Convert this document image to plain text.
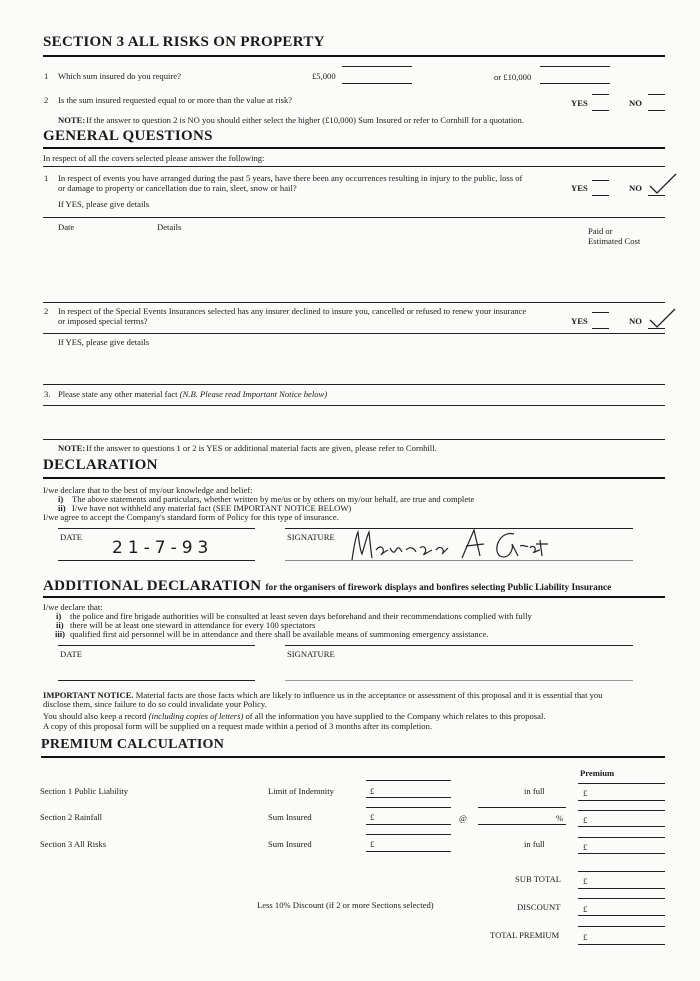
SECTION 3 ALL RISKS ON PROPERTY
1 Which sum insured do you require?	£5,000	or £10,000
2 Is the sum insured requested equal to or more than the value at risk?	YES	NO
NOTE: If the answer to question 2 is NO you should either select the higher (£10,000) Sum Insured or refer to Cornhill for a quotation.
GENERAL QUESTIONS
In respect of all the covers selected please answer the following:
1 In respect of events you have arranged during the past 5 years, have there been any occurrences resulting in injury to the public, loss of
or damage to property or cancellation due to rain, sleet, snow or hail?	YES	NO
If YES, please give details
Date	Details	Paid or
Estimated Cost
2 In respect of the Special Events Insurances selected has any insurer declined to insure you, cancelled or refused to renew your insurance
or imposed special terms?	YES	NO
If YES, please give details
3. Please state any other material fact (N.B. Please read Important Notice below)
NOTE: If the answer to questions 1 or 2 is YES or additional material facts are given, please refer to Cornhill.
DECLARATION
I/we declare that to the best of my/our knowledge and belief:
i) The above statements and particulars, whether written by me/us or by others on my/our behalf, are true and complete
ii) I/we have not withheld any material fact (SEE IMPORTANT NOTICE BELOW)
I/we agree to accept the Company's standard form of Policy for this type of insurance.
DATE
21-7-93
SIGNATURE
Margaret A Grant
ADDITIONAL DECLARATION for the organisers of firework displays and bonfires selecting Public Liability Insurance
I/we declare that:
i) the police and fire brigade authorities will be consulted at least seven days beforehand and their recommendations complied with fully
ii) there will be at least one steward in attendance for every 100 spectators
iii) qualified first aid personnel will be in attendance and there shall be available means of summoning emergency assistance.
DATE	SIGNATURE
IMPORTANT NOTICE. Material facts are those facts which are likely to influence us in the acceptance or assessment of this proposal and it is essential that you
disclose them, since failure to do so could invalidate your Policy.
You should also keep a record (including copies of letters) of all the information you have supplied to the Company which relates to this proposal.
A copy of this proposal form will be supplied on a request made within a period of 3 months after its completion.
PREMIUM CALCULATION
Premium
Section 1 Public Liability	Limit of Indemnity	£	in full	£
Section 2 Rainfall	Sum Insured	£	@	% £
Section 3 All Risks	Sum Insured	£	in full	£
SUB TOTAL	£
Less 10% Discount (if 2 or more Sections selected)	DISCOUNT	£
TOTAL PREMIUM	£
